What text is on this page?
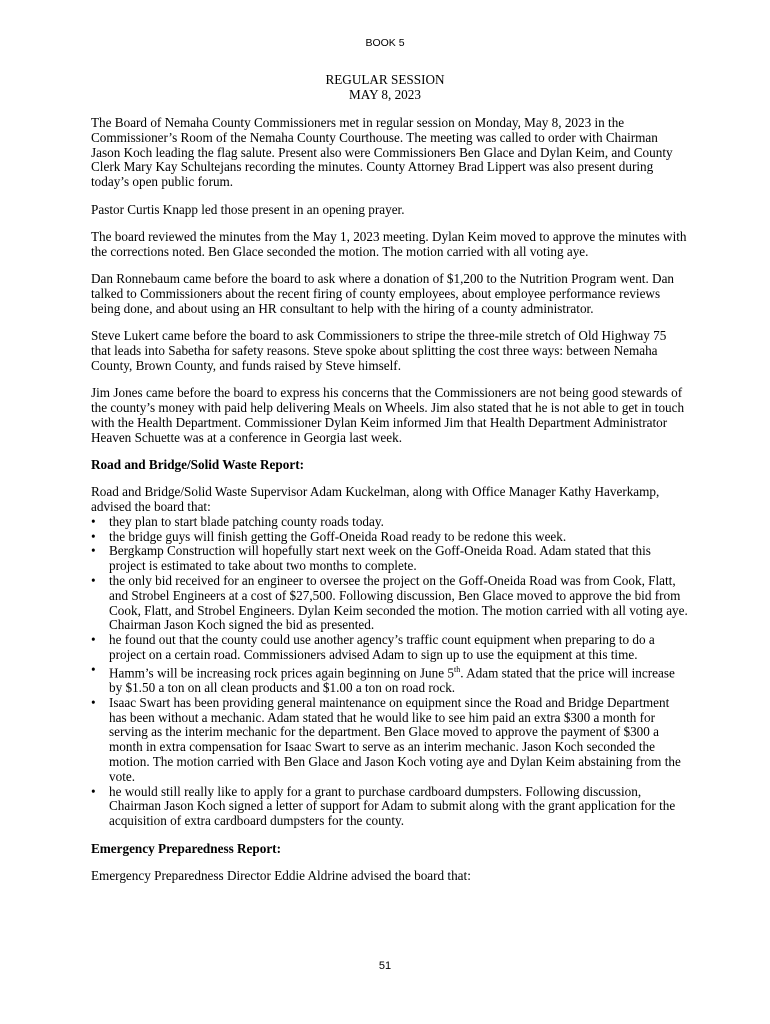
BOOK 5
REGULAR SESSION
MAY 8, 2023

The Board of Nemaha County Commissioners met in regular session on Monday, May 8, 2023 in the Commissioner’s Room of the Nemaha County Courthouse. The meeting was called to order with Chairman Jason Koch leading the flag salute. Present also were Commissioners Ben Glace and Dylan Keim, and County Clerk Mary Kay Schultejans recording the minutes. County Attorney Brad Lippert was also present during today’s open public forum.

Pastor Curtis Knapp led those present in an opening prayer.

The board reviewed the minutes from the May 1, 2023 meeting. Dylan Keim moved to approve the minutes with the corrections noted. Ben Glace seconded the motion. The motion carried with all voting aye.

Dan Ronnebaum came before the board to ask where a donation of $1,200 to the Nutrition Program went. Dan talked to Commissioners about the recent firing of county employees, about employee performance reviews being done, and about using an HR consultant to help with the hiring of a county administrator.

Steve Lukert came before the board to ask Commissioners to stripe the three-mile stretch of Old Highway 75 that leads into Sabetha for safety reasons. Steve spoke about splitting the cost three ways: between Nemaha County, Brown County, and funds raised by Steve himself.

Jim Jones came before the board to express his concerns that the Commissioners are not being good stewards of the county’s money with paid help delivering Meals on Wheels. Jim also stated that he is not able to get in touch with the Health Department. Commissioner Dylan Keim informed Jim that Health Department Administrator Heaven Schuette was at a conference in Georgia last week.

Road and Bridge/Solid Waste Report:

Road and Bridge/Solid Waste Supervisor Adam Kuckelman, along with Office Manager Kathy Haverkamp, advised the board that:

• they plan to start blade patching county roads today.
• the bridge guys will finish getting the Goff-Oneida Road ready to be redone this week.
• Bergkamp Construction will hopefully start next week on the Goff-Oneida Road. Adam stated that this project is estimated to take about two months to complete.
• the only bid received for an engineer to oversee the project on the Goff-Oneida Road was from Cook, Flatt, and Strobel Engineers at a cost of $27,500. Following discussion, Ben Glace moved to approve the bid from Cook, Flatt, and Strobel Engineers. Dylan Keim seconded the motion. The motion carried with all voting aye. Chairman Jason Koch signed the bid as presented.
• he found out that the county could use another agency’s traffic count equipment when preparing to do a project on a certain road. Commissioners advised Adam to sign up to use the equipment at this time.
• Hamm’s will be increasing rock prices again beginning on June 5th. Adam stated that the price will increase by $1.50 a ton on all clean products and $1.00 a ton on road rock.
• Isaac Swart has been providing general maintenance on equipment since the Road and Bridge Department has been without a mechanic. Adam stated that he would like to see him paid an extra $300 a month for serving as the interim mechanic for the department. Ben Glace moved to approve the payment of $300 a month in extra compensation for Isaac Swart to serve as an interim mechanic. Jason Koch seconded the motion. The motion carried with Ben Glace and Jason Koch voting aye and Dylan Keim abstaining from the vote.
• he would still really like to apply for a grant to purchase cardboard dumpsters. Following discussion, Chairman Jason Koch signed a letter of support for Adam to submit along with the grant application for the acquisition of extra cardboard dumpsters for the county.

Emergency Preparedness Report:

Emergency Preparedness Director Eddie Aldrine advised the board that:

51
